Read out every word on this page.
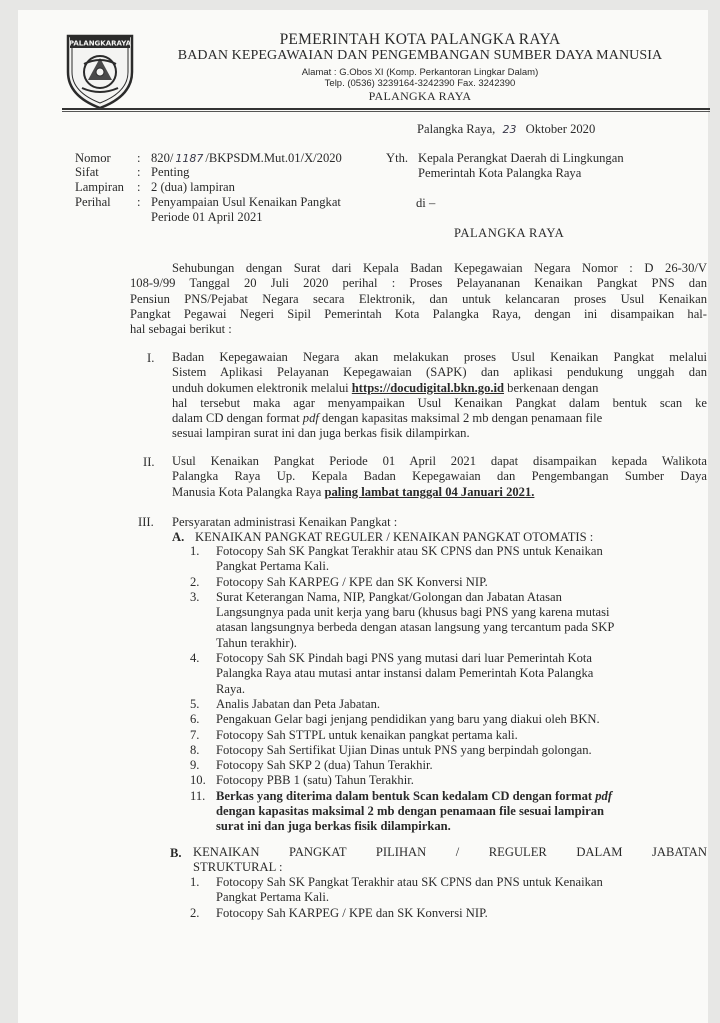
PALANGKARAYA	PEMERINTAH KOTA PALANGKA RAYA
BADAN KEPEGAWAIAN DAN PENGEMBANGAN SUMBER DAYA MANUSIA
Alamat : G.Obos XI (Komp. Perkantoran Lingkar Dalam)
Telp. (0536) 3239164-3242390 Fax. 3242390
PALANGKA RAYA
Palangka Raya, 23 Oktober 2020
Nomor
Sifat
Lampiran
Perihal
:
:
:
:
820/ 1187 /BKPSDM.Mut.01/X/2020
Penting
2 (dua) lampiran
Penyampaian Usul Kenaikan Pangkat
Periode 01 April 2021
Yth. Kepala Perangkat Daerah di Lingkungan
Pemerintah Kota Palangka Raya
di –
PALANGKA RAYA
Sehubungan dengan Surat dari Kepala Badan Kepegawaian Negara Nomor : D 26-30/V
108-9/99 Tanggal 20 Juli 2020 perihal : Proses Pelayananan Kenaikan Pangkat PNS dan
Pensiun PNS/Pejabat Negara secara Elektronik, dan untuk kelancaran proses Usul Kenaikan
Pangkat Pegawai Negeri Sipil Pemerintah Kota Palangka Raya, dengan ini disampaikan hal-
hal sebagai berikut :
I. Badan Kepegawaian Negara akan melakukan proses Usul Kenaikan Pangkat melalui
Sistem Aplikasi Pelayanan Kepegawaian (SAPK) dan aplikasi pendukung unggah dan
unduh dokumen elektronik melalui https://docudigital.bkn.go.id berkenaan dengan
hal tersebut maka agar menyampaikan Usul Kenaikan Pangkat dalam bentuk scan ke
dalam CD dengan format pdf dengan kapasitas maksimal 2 mb dengan penamaan file
sesuai lampiran surat ini dan juga berkas fisik dilampirkan.
II. Usul Kenaikan Pangkat Periode 01 April 2021 dapat disampaikan kepada Walikota
Palangka Raya Up. Kepala Badan Kepegawaian dan Pengembangan Sumber Daya
Manusia Kota Palangka Raya paling lambat tanggal 04 Januari 2021.
III. Persyaratan administrasi Kenaikan Pangkat :
A. KENAIKAN PANGKAT REGULER / KENAIKAN PANGKAT OTOMATIS :
1. Fotocopy Sah SK Pangkat Terakhir atau SK CPNS dan PNS untuk Kenaikan
Pangkat Pertama Kali.
2. Fotocopy Sah KARPEG / KPE dan SK Konversi NIP.
3. Surat Keterangan Nama, NIP, Pangkat/Golongan dan Jabatan Atasan
Langsungnya pada unit kerja yang baru (khusus bagi PNS yang karena mutasi
atasan langsungnya berbeda dengan atasan langsung yang tercantum pada SKP
Tahun terakhir).
4. Fotocopy Sah SK Pindah bagi PNS yang mutasi dari luar Pemerintah Kota
Palangka Raya atau mutasi antar instansi dalam Pemerintah Kota Palangka
Raya.
5. Analis Jabatan dan Peta Jabatan.
6. Pengakuan Gelar bagi jenjang pendidikan yang baru yang diakui oleh BKN.
7. Fotocopy Sah STTPL untuk kenaikan pangkat pertama kali.
8. Fotocopy Sah Sertifikat Ujian Dinas untuk PNS yang berpindah golongan.
9. Fotocopy Sah SKP 2 (dua) Tahun Terakhir.
10. Fotocopy PBB 1 (satu) Tahun Terakhir.
11. Berkas yang diterima dalam bentuk Scan kedalam CD dengan format pdf
dengan kapasitas maksimal 2 mb dengan penamaan file sesuai lampiran
surat ini dan juga berkas fisik dilampirkan.
B. KENAIKAN PANGKAT PILIHAN / REGULER DALAM JABATAN
STRUKTURAL :
1. Fotocopy Sah SK Pangkat Terakhir atau SK CPNS dan PNS untuk Kenaikan
Pangkat Pertama Kali.
2. Fotocopy Sah KARPEG / KPE dan SK Konversi NIP.
